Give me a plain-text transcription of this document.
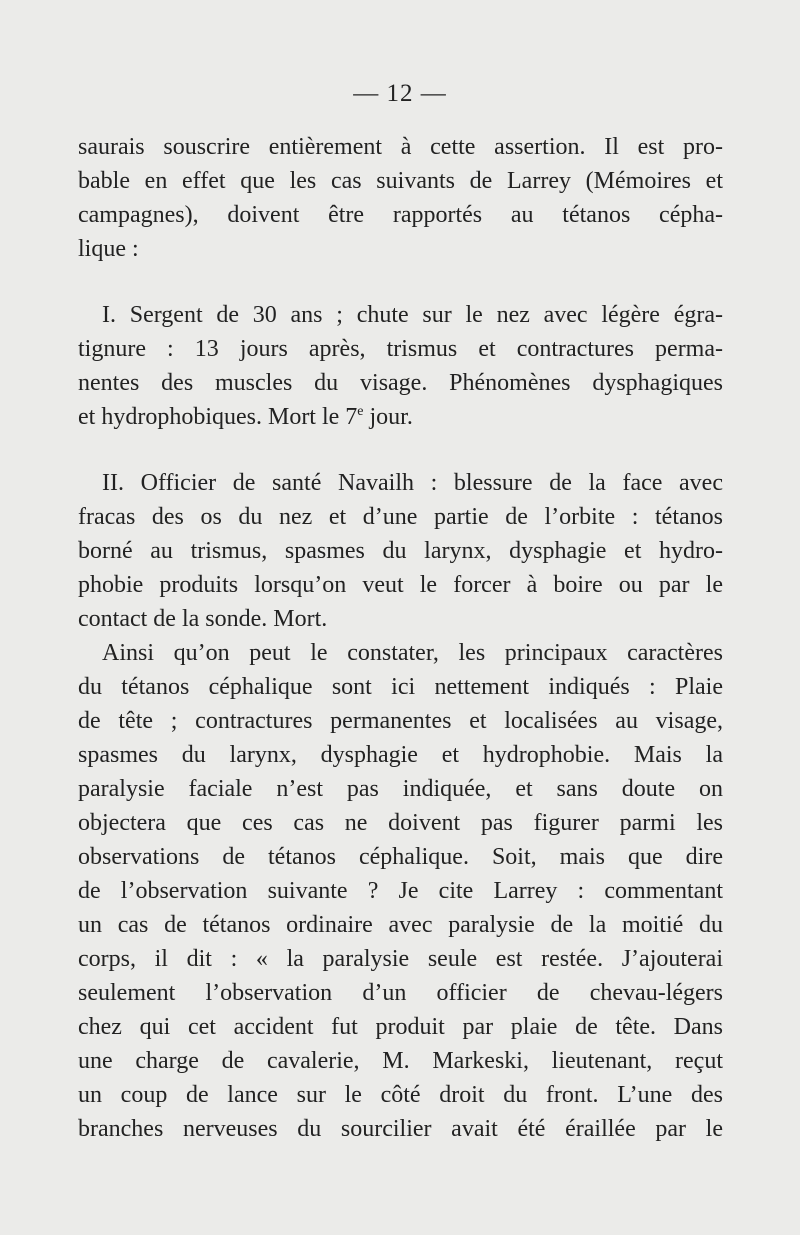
— 12 —
saurais souscrire entièrement à cette assertion. Il est pro-
bable en effet que les cas suivants de Larrey (Mémoires et
campagnes), doivent être rapportés au tétanos cépha-
lique :
I. Sergent de 30 ans ; chute sur le nez avec légère égra-
tignure : 13 jours après, trismus et contractures perma-
nentes des muscles du visage. Phénomènes dysphagiques
et hydrophobiques. Mort le 7e jour.
II. Officier de santé Navailh : blessure de la face avec
fracas des os du nez et d’une partie de l’orbite : tétanos
borné au trismus, spasmes du larynx, dysphagie et hydro-
phobie produits lorsqu’on veut le forcer à boire ou par le
contact de la sonde. Mort.
Ainsi qu’on peut le constater, les principaux caractères
du tétanos céphalique sont ici nettement indiqués : Plaie
de tête ; contractures permanentes et localisées au visage,
spasmes du larynx, dysphagie et hydrophobie. Mais la
paralysie faciale n’est pas indiquée, et sans doute on
objectera que ces cas ne doivent pas figurer parmi les
observations de tétanos céphalique. Soit, mais que dire
de l’observation suivante ? Je cite Larrey : commentant
un cas de tétanos ordinaire avec paralysie de la moitié du
corps, il dit : « la paralysie seule est restée. J’ajouterai
seulement l’observation d’un officier de chevau-légers
chez qui cet accident fut produit par plaie de tête. Dans
une charge de cavalerie, M. Markeski, lieutenant, reçut
un coup de lance sur le côté droit du front. L’une des
branches nerveuses du sourcilier avait été éraillée par le
